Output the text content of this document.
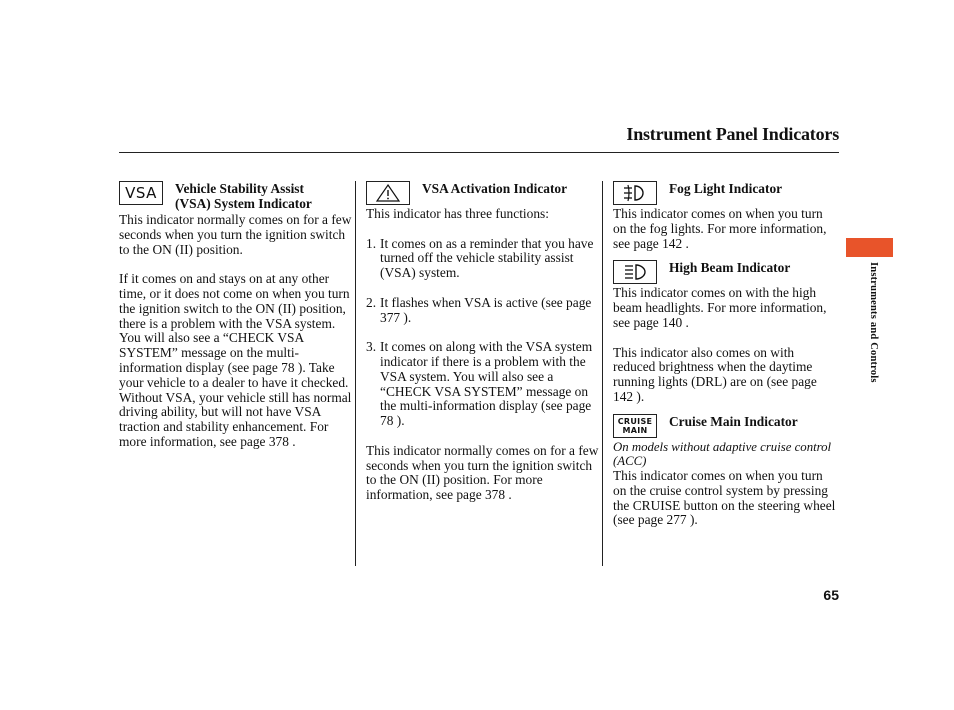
Instrument Panel Indicators
VSA Vehicle Stability Assist
(VSA) System Indicator

This indicator normally comes on for a few seconds when you turn the ignition switch to the ON (II) position.

If it comes on and stays on at any other time, or it does not come on when you turn the ignition switch to the ON (II) position, there is a problem with the VSA system. You will also see a “CHECK VSA SYSTEM” message on the multi-information display (see page 78 ). Take your vehicle to a dealer to have it checked. Without VSA, your vehicle still has normal driving ability, but will not have VSA traction and stability enhancement. For more information, see page 378 .

VSA Activation Indicator

This indicator has three functions:

1. It comes on as a reminder that you have turned off the vehicle stability assist (VSA) system.
2. It flashes when VSA is active (see page 377 ).
3. It comes on along with the VSA system indicator if there is a problem with the VSA system. You will also see a “CHECK VSA SYSTEM” message on the multi-information display (see page 78 ).

This indicator normally comes on for a few seconds when you turn the ignition switch to the ON (II) position. For more information, see page 378 .

Fog Light Indicator

This indicator comes on when you turn on the fog lights. For more information, see page 142 .

High Beam Indicator

This indicator comes on with the high beam headlights. For more information, see page 140 .

This indicator also comes on with reduced brightness when the daytime running lights (DRL) are on (see page 142 ).

CRUISE
MAIN
Cruise Main Indicator

On models without adaptive cruise control (ACC)

This indicator comes on when you turn on the cruise control system by pressing the CRUISE button on the steering wheel (see page 277 ).

Instruments and Controls
65
